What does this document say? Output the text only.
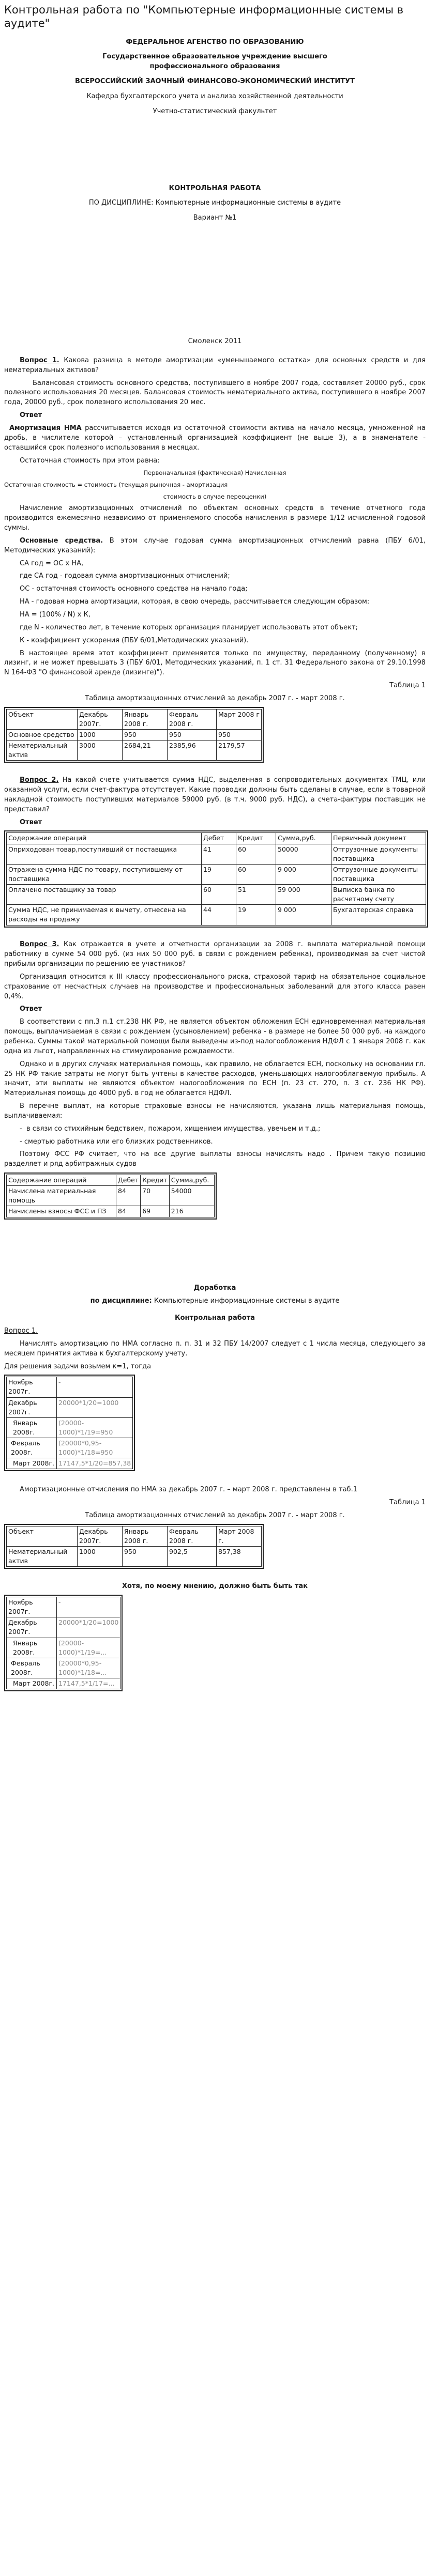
Контрольная работа по "Компьютерные информационные системы в аудите"

ФЕДЕРАЛЬНОЕ АГЕНСТВО ПО ОБРАЗОВАНИЮ

Государственное образовательное учреждение высшего профессионального образования

ВСЕРОССИЙСКИЙ ЗАОЧНЫЙ ФИНАНСОВО-ЭКОНОМИЧЕСКИЙ ИНСТИТУТ

Кафедра бухгалтерского учета и анализа хозяйственной деятельности

Учетно-статистический факультет

КОНТРОЛЬНАЯ РАБОТА

ПО ДИСЦИПЛИНЕ: Компьютерные информационные системы в аудите

Вариант №1

Смоленск 2011

Вопрос 1. Какова разница в методе амортизации «уменьшаемого остатка» для основных средств и для нематериальных активов?

Балансовая стоимость основного средства, поступившего в ноябре 2007 года, составляет 20000 руб., срок полезного использования 20 месяцев. Балансовая стоимость нематериального актива, поступившего в ноябре 2007 года, 20000 руб., срок полезного использования 20 мес.

Ответ

Амортизация НМА рассчитывается исходя из остаточной стоимости актива на начало месяца, умноженной на дробь, в числителе которой – установленный организацией коэффициент (не выше 3), а в знаменателе - оставшийся срок полезного использования в месяцах.

Остаточная стоимость при этом равна:

Первоначальная (фактическая) Начисленная

Остаточная стоимость = стоимость (текущая рыночная - амортизация

стоимость в случае переоценки)

Начисление амортизационных отчислений по объектам основных средств в течение отчетного года производится ежемесячно независимо от применяемого способа начисления в размере 1/12 исчисленной годовой суммы.

Основные средства. В этом случае годовая сумма амортизационных отчислений равна (ПБУ 6/01, Методических указаний):

СА год = ОС х НА,

где СА год - годовая сумма амортизационных отчислений;

ОС - остаточная стоимость основного средства на начало года;

НА - годовая норма амортизации, которая, в свою очередь, рассчитывается следующим образом:

НА = (100% / N) х К,

где N - количество лет, в течение которых организация планирует использовать этот объект;

К - коэффициент ускорения (ПБУ 6/01,Методических указаний).

В настоящее время этот коэффициент применяется только по имуществу, переданному (полученному) в лизинг, и не может превышать 3 (ПБУ 6/01, Методических указаний, п. 1 ст. 31 Федерального закона от 29.10.1998 N 164-ФЗ "О финансовой аренде (лизинге)").

Таблица 1

Таблица амортизационных отчислений за декабрь 2007 г. - март 2008 г.

Объект	Декабрь 2007г.	Январь 2008 г.	Февраль 2008 г.	Март 2008 г
Основное средство	1000	950	950	950
Нематериальный актив	3000	2684,21	2385,96	2179,57

Вопрос 2. На какой счете учитывается сумма НДС, выделенная в сопроводительных документах ТМЦ, или оказанной услуги, если счет-фактура отсутствует. Какие проводки должны быть сделаны в случае, если в товарной накладной стоимость поступивших материалов 59000 руб. (в т.ч. 9000 руб. НДС), а счета-фактуры поставщик не представил?

Ответ

Содержание операций	Дебет	Кредит	Сумма,руб.	Первичный документ
Оприходован товар,поступивший от поставщика	41	60	50000	Отгрузочные документы поставщика
Отражена сумма НДС по товару, поступившему от поставщика	19	60	9 000	Отгрузочные документы поставщика
Оплачено поставщику за товар	60	51	59 000	Выписка банка по расчетному счету
Сумма НДС, не принимаемая к вычету, отнесена на расходы на продажу	44	19	9 000	Бухгалтерская справка

Вопрос 3. Как отражается в учете и отчетности организации за 2008 г. выплата материальной помощи работнику в сумме 54 000 руб. (из них 50 000 руб. в связи с рождением ребенка), производимая за счет чистой прибыли организации по решению ее участников?

Организация относится к III классу профессионального риска, страховой тариф на обязательное социальное страхование от несчастных случаев на производстве и профессиональных заболеваний для этого класса равен 0,4%.

Ответ

В соответствии с пп.3 п.1 ст.238 НК РФ, не является объектом обложения ЕСН единовременная материальная помощь, выплачиваемая в связи с рождением (усыновлением) ребенка - в размере не более 50 000 руб. на каждого ребенка. Суммы такой материальной помощи были выведены из-под налогообложения НДФЛ с 1 января 2008 г. как одна из льгот, направленных на стимулирование рождаемости.

Однако и в других случаях материальная помощь, как правило, не облагается ЕСН, поскольку на основании гл. 25 НК РФ такие затраты не могут быть учтены в качестве расходов, уменьшающих налогооблагаемую прибыль. А значит, эти выплаты не являются объектом налогообложения по ЕСН (п. 23 ст. 270, п. 3 ст. 236 НК РФ). Материальная помощь до 4000 руб. в год не облагается НДФЛ.

В перечне выплат, на которые страховые взносы не начисляются, указана лишь материальная помощь, выплачиваемая:

-  в связи со стихийным бедствием, пожаром, хищением имущества, увечьем и т.д.;

- смертью работника или его близких родственников.

Поэтому ФСС РФ считает, что на все другие выплаты взносы начислять надо . Причем такую позицию разделяет и ряд арбитражных судов

Содержание операций	Дебет	Кредит	Сумма,руб.
Начислена материальная помощь	84	70	54000
Начислены взносы ФСС и ПЗ	84	69	216

Доработка

по дисциплине: Компьютерные информационные системы в аудите

Контрольная работа

Вопрос 1.

Начислять амортизацию по НМА согласно п. п. 31 и 32 ПБУ 14/2007 следует с 1 числа месяца, следующего за месяцем принятия актива к бухгалтерскому учету.

Для решения задачи возьмем к=1, тогда

Ноябрь 2007г.	-
Декабрь 2007г.	20000*1/20=1000
Январь 2008г.	(20000-1000)*1/19=950
Февраль 2008г.	(20000*0,95-1000)*1/18=950
Март 2008г.	17147,5*1/20=857,38

Амортизационные отчисления по НМА за декабрь 2007 г. – март 2008 г. представлены в таб.1

Таблица 1

Таблица амортизационных отчислений за декабрь 2007 г. - март 2008 г.

Объект	Декабрь 2007г.	Январь 2008 г.	Февраль 2008 г.	Март 2008 г.
Нематериальный актив	1000	950	902,5	857,38

Хотя, по моему мнению, должно быть быть так

Ноябрь 2007г.	-
Декабрь 2007г.	20000*1/20=1000
Январь 2008г.	(20000-1000)*1/19=...
Февраль 2008г.	(20000*0,95-1000)*1/18=...
Март 2008г.	17147,5*1/17=...
